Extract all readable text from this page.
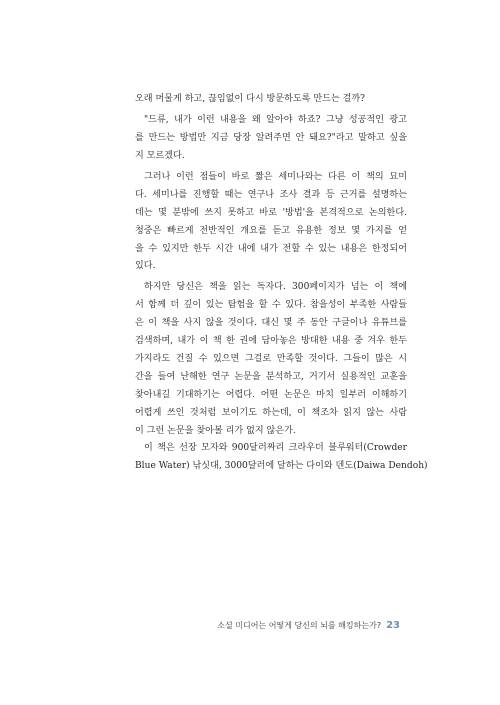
오래 머물게 하고, 끊임없이 다시 방문하도록 만드는 걸까?
"드류, 내가 이런 내용을 왜 알아야 하죠? 그냥 성공적인 광고
를 만드는 방법만 지금 당장 알려주면 안 돼요?"라고 말하고 싶을
지 모르겠다.
그러나 이런 점들이 바로 짧은 세미나와는 다른 이 책의 묘미
다. 세미나를 진행할 때는 연구나 조사 결과 등 근거를 설명하는
데는 몇 분밖에 쓰지 못하고 바로 '방법'을 본격적으로 논의한다.
청중은 빠르게 전반적인 개요를 듣고 유용한 정보 몇 가지를 얻
을 수 있지만 한두 시간 내에 내가 전할 수 있는 내용은 한정되어
있다.
하지만 당신은 책을 읽는 독자다. 300페이지가 넘는 이 책에
서 함께 더 깊이 있는 탐험을 할 수 있다. 참을성이 부족한 사람들
은 이 책을 사지 않을 것이다. 대신 몇 주 동안 구글이나 유튜브를
검색하며, 내가 이 책 한 권에 담아놓은 방대한 내용 중 겨우 한두
가지라도 건질 수 있으면 그걸로 만족할 것이다. 그들이 많은 시
간을 들여 난해한 연구 논문을 분석하고, 거기서 실용적인 교훈을
찾아내길 기대하기는 어렵다. 어떤 논문은 마치 일부러 이해하기
어렵게 쓰인 것처럼 보이기도 하는데, 이 책조차 읽지 않는 사람
이 그런 논문을 찾아볼 리가 없지 않은가.
이 책은 선장 모자와 900달러짜리 크라우더 블루워터(Crowder
Blue Water) 낚싯대, 3000달러에 달하는 다이와 덴도(Daiwa Dendoh)
소셜 미디어는 어떻게 당신의 뇌를 해킹하는가? 23
